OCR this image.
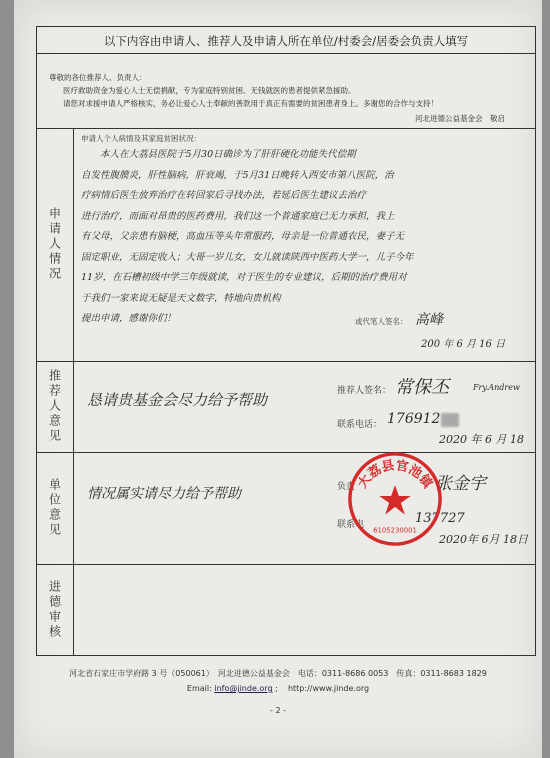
以下内容由申请人、推荐人及申请人所在单位/村委会/居委会负责人填写

尊敬的各位推荐人、负责人：

医疗救助资金为爱心人士无偿捐献，专为家庭特别贫困、无钱就医的患者提供紧急援助。

请您对求援申请人严格核实，务必让爱心人士奉献的善款用于真正有需要的贫困患者身上。多谢您的合作与支持！

河北进德公益基金会　敬启
申请人情况
申请人个人病情及其家庭贫困状况：

　　本人在大荔县医院于5月30日确诊为了肝肝硬化功能失代偿期

自发性腹膜炎，肝性脑病，肝衰竭，于5月31日晚转入西安市第八医院，治

疗病情后医生放弃治疗在转回家后寻找办法，若延后医生建议去治疗

进行治疗，而面对昂贵的医药费用，我们这一个普通家庭已无力承担，我上

有父母，父亲患有脑梗，高血压等头年常服药，母亲是一位普通农民，妻子无

固定职业，无固定收入；大哥一岁儿女，女儿就读陕西中医药大学一，儿子今年

11岁，在石槽初级中学三年级就读，对于医生的专业建议，后期的治疗费用对

于我们一家来说无疑是天文数字，特地向贵机构

提出申请，感谢你们！	或代笔人签名： 高峰
200 年 6 月 16 日
推荐人意见	恳请贵基金会尽力给予帮助	推荐人签名： 常保丕	Fry.Andrew
联系电话： 176912
2020 年 6 月 18
单位意见	情况属实请尽力给予帮助	负责	张金宇
联系电	137727
2020年 6月 18日
进德审核
大荔县官池镇
6105230001
河北省石家庄市学府路 3 号（050061）　河北进德公益基金会　电话：0311-8686 0053　传真：0311-8683 1829
Email: info@jinde.org ;    http://www.jinde.org
- 2 -
